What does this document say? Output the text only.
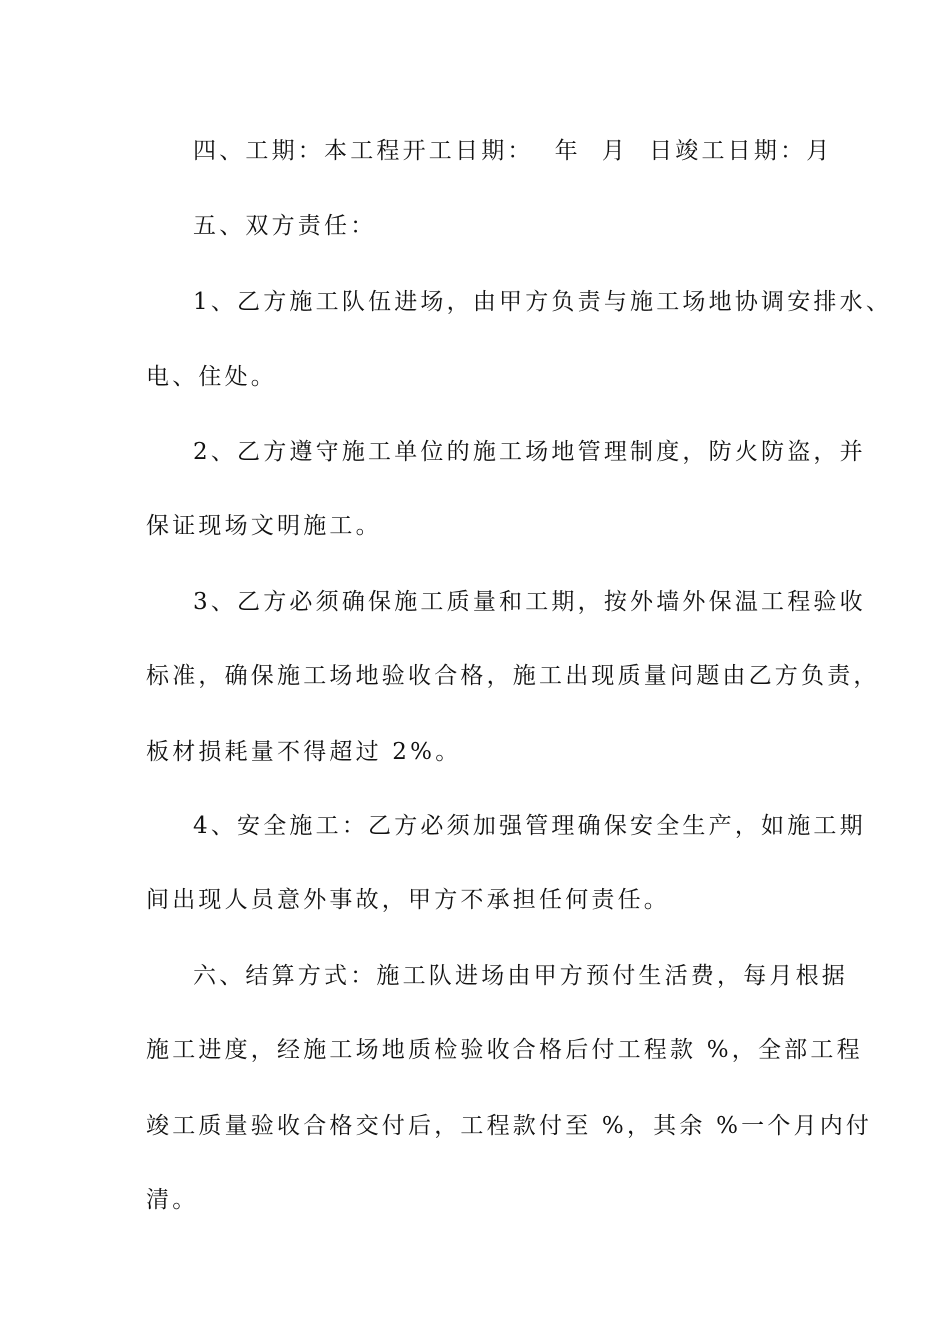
四、工期：本工程开工日期：  年  月  日竣工日期：月
五、双方责任：
1、乙方施工队伍进场，由甲方负责与施工场地协调安排水、
电、住处。
2、乙方遵守施工单位的施工场地管理制度，防火防盗，并
保证现场文明施工。
3、乙方必须确保施工质量和工期，按外墙外保温工程验收
标准，确保施工场地验收合格，施工出现质量问题由乙方负责，
板材损耗量不得超过 2%。
4、安全施工：乙方必须加强管理确保安全生产，如施工期
间出现人员意外事故，甲方不承担任何责任。
六、结算方式：施工队进场由甲方预付生活费，每月根据
施工进度，经施工场地质检验收合格后付工程款 %，全部工程
竣工质量验收合格交付后，工程款付至 %，其余 %一个月内付
清。
